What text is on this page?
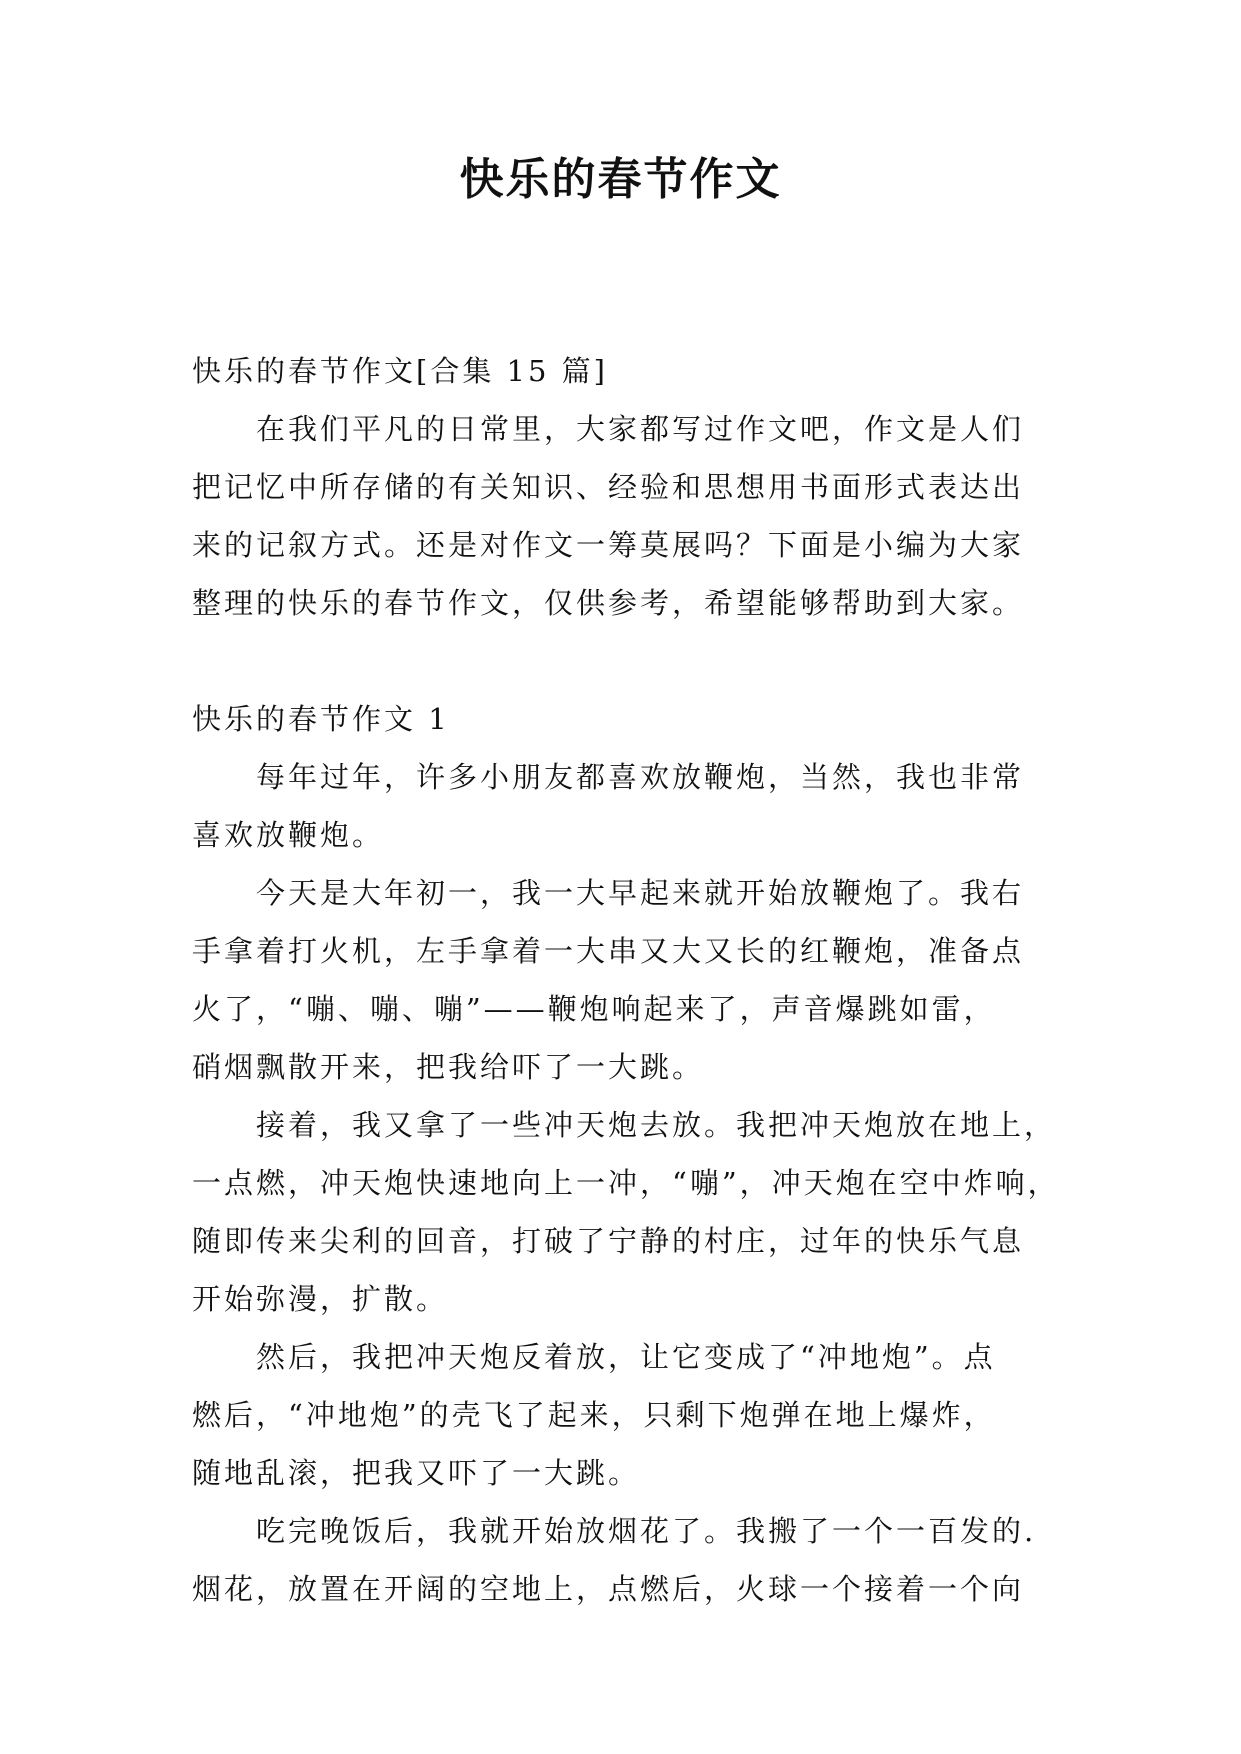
快乐的春节作文
快乐的春节作文[合集 15 篇]
在我们平凡的日常里，大家都写过作文吧，作文是人们
把记忆中所存储的有关知识、经验和思想用书面形式表达出
来的记叙方式。还是对作文一筹莫展吗？下面是小编为大家
整理的快乐的春节作文，仅供参考，希望能够帮助到大家。
快乐的春节作文 1
每年过年，许多小朋友都喜欢放鞭炮，当然，我也非常
喜欢放鞭炮。
今天是大年初一，我一大早起来就开始放鞭炮了。我右
手拿着打火机，左手拿着一大串又大又长的红鞭炮，准备点
火了，“嘣、嘣、嘣”——鞭炮响起来了，声音爆跳如雷，
硝烟飘散开来，把我给吓了一大跳。
接着，我又拿了一些冲天炮去放。我把冲天炮放在地上，
一点燃，冲天炮快速地向上一冲，“嘣”，冲天炮在空中炸响，
随即传来尖利的回音，打破了宁静的村庄，过年的快乐气息
开始弥漫，扩散。
然后，我把冲天炮反着放，让它变成了“冲地炮”。点
燃后，“冲地炮”的壳飞了起来，只剩下炮弹在地上爆炸，
随地乱滚，把我又吓了一大跳。
吃完晚饭后，我就开始放烟花了。我搬了一个一百发的.
烟花，放置在开阔的空地上，点燃后，火球一个接着一个向
